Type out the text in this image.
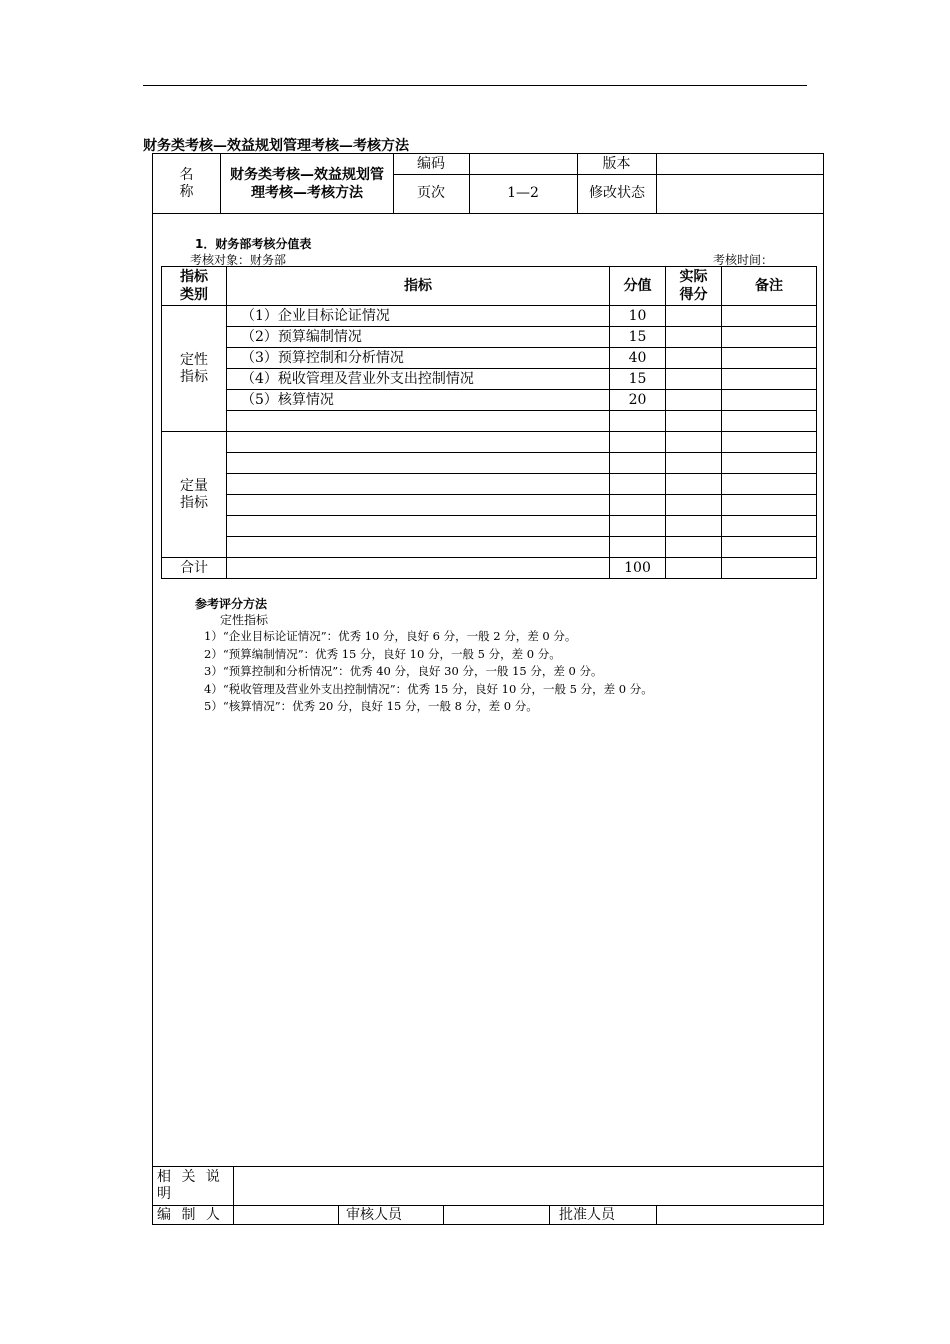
财务类考核—效益规划管理考核—考核方法
名
称
财务类考核—效益规划管理考核—考核方法
编码	版本
页次	1—2	修改状态
相 关 说 明
编 制 人	审核人员	批准人员
1．财务部考核分值表
考核对象：财务部	考核时间：
指标类别	指标	分值	实际得分	备注
定性指标	（1）企业目标论证情况	10		
	（2）预算编制情况	15		
	（3）预算控制和分析情况	40		
	（4）税收管理及营业外支出控制情况	15		
	（5）核算情况	20		

定量指标				

合计		100		
参考评分方法
定性指标
1）“企业目标论证情况”：优秀 10 分，良好 6 分，一般 2 分，差 0 分。
2）“预算编制情况”：优秀 15 分，良好 10 分，一般 5 分，差 0 分。
3）“预算控制和分析情况”：优秀 40 分，良好 30 分，一般 15 分，差 0 分。
4）“税收管理及营业外支出控制情况”：优秀 15 分，良好 10 分，一般 5 分，差 0 分。
5）“核算情况”：优秀 20 分，良好 15 分，一般 8 分，差 0 分。
